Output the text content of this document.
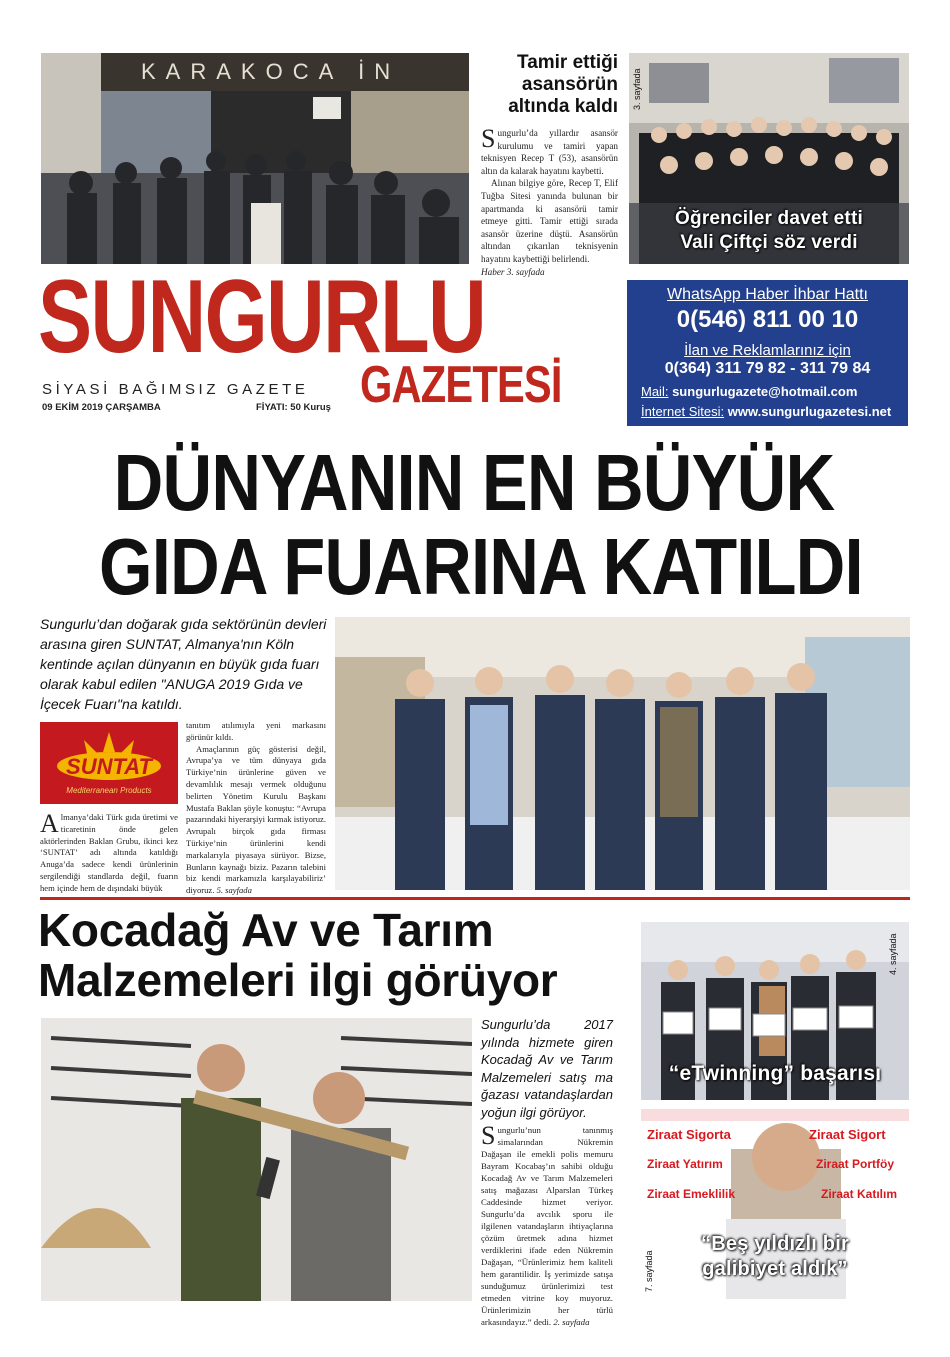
KARAKOCA İN	Tamir ettiği asansörün altında kaldı
Sungurlu’da yıllardır asansör kurulumu ve tamiri yapan teknisyen Recep T (53), asansörün altın da kalarak hayatını kaybetti.
Alınan bilgiye göre, Recep T, Elif Tuğba Sitesi yanında bulunan bir apartmanda ki asansörü tamir etmeye gitti. Tamir ettiği sırada asansör üzerine düştü. Asansörün altından çıkarılan teknisyenin hayatını kaybettiği belirlendi.
Haber 3. sayfada
3. sayfada
Öğrenciler davet etti
Vali Çiftçi söz verdi
SUNGURLU
GAZETESİ
SİYASİ BAĞIMSIZ GAZETE
09 EKİM 2019 ÇARŞAMBA	FİYATI: 50 Kuruş
WhatsApp Haber İhbar Hattı
0(546) 811 00 10
İlan ve Reklamlarınız için
0(364) 311 79 82 - 311 79 84
Mail: sungurlugazete@hotmail.com
İnternet Sitesi: www.sungurlugazetesi.net
DÜNYANIN EN BÜYÜK
GIDA FUARINA KATILDI
Sungurlu’dan doğarak gıda sektörünün devleri arasına giren SUNTAT, Almanya'nın Köln kentinde açılan dünyanın en büyük gıda fuarı olarak kabul edilen "ANUGA 2019 Gıda ve İçecek Fuarı"na katıldı.
SUNTAT
Mediterranean Products
Almanya’daki Türk gıda üretimi ve ticaretinin önde gelen aktörlerinden Baklan Grubu, ikinci kez ‘SUNTAT’ adı altında katıldığı Anuga’da sadece kendi ürünlerinin sergilendiği standlarda değil, fuarın hem içinde hem de dışındaki büyük
tanıtım atılımıyla yeni markasını görünür kıldı.
Amaçlarının güç gösterisi değil, Avrupa’ya ve tüm dünyaya gıda Türkiye’nin ürünlerine güven ve devamlılık mesajı vermek olduğunu belirten Yönetim Kurulu Başkanı Mustafa Baklan şöyle konuştu: “Avrupa pazarındaki hiyerarşiyi kırmak istiyoruz. Avrupalı birçok gıda firması Türkiye’nin ürünlerini kendi markalarıyla piyasaya sürüyor. Bizse, Bunların kaynağı biziz. Pazarın talebini biz kendi markamızla karşılayabiliriz’ diyoruz. 5. sayfada
Kocadağ Av ve Tarım
Malzemeleri ilgi görüyor
Sungurlu’da 2017 yılında hizmete giren Kocadağ Av ve Tarım Malzemeleri satış ma ğazası vatandaşlardan yoğun ilgi görüyor.
Sungurlu’nun tanınmış simalarından Nükremin Dağaşan ile emekli polis memuru Bayram Kocabaş’ın sahibi olduğu Kocadağ Av ve Tarım Malzemeleri satış mağazası Alparslan Türkeş Caddesinde hizmet veriyor. Sungurlu’da avcılık sporu ile ilgilenen vatandaşların ihtiyaçlarına çözüm üretmek adına hizmet verdiklerini ifade eden Nükremin Dağaşan, “Ürünlerimiz hem kaliteli hem garantilidir. İş yerimizde satışa sunduğumuz ürünlerimizi test etmeden vitrine koy muyoruz. Ürünlerimizin her türlü arkasındayız.” dedi. 2. sayfada
4. sayfada
“eTwinning” başarısı
Ziraat Sigorta	Ziraat Sigort
Ziraat Yatırım	Ziraat Portföy
Ziraat Emeklilik	Ziraat Katılım
7. sayfada
“Beş yıldızlı bir
galibiyet aldık”
